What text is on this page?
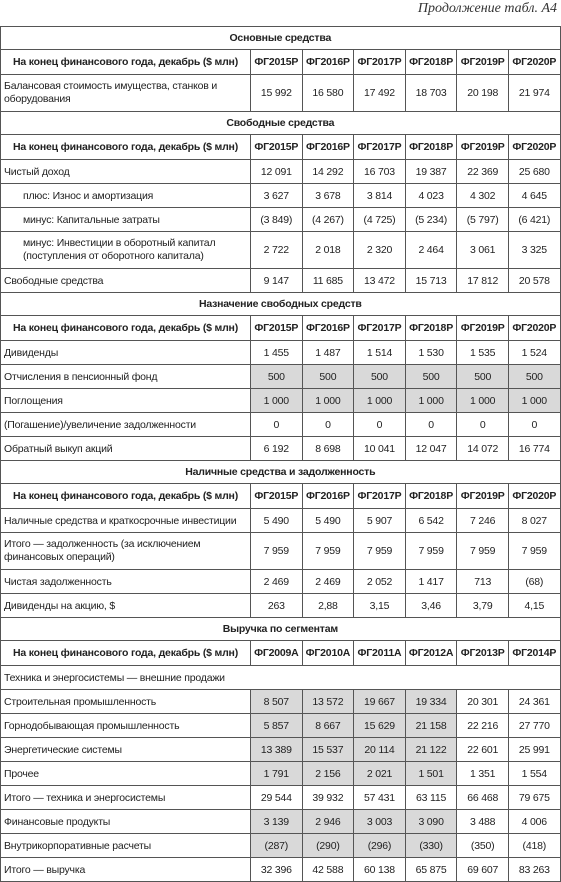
Продолжение табл. A4
Основные средства						
На конец финансового года, декабрь ($ млн)	ФГ2015P	ФГ2016P	ФГ2017P	ФГ2018P	ФГ2019P	ФГ2020P
Балансовая стоимость имущества, станков и оборудования	15 992	16 580	17 492	18 703	20 198	21 974
Свободные средства						
На конец финансового года, декабрь ($ млн)	ФГ2015P	ФГ2016P	ФГ2017P	ФГ2018P	ФГ2019P	ФГ2020P
Чистый доход	12 091	14 292	16 703	19 387	22 369	25 680
плюс: Износ и амортизация	3 627	3 678	3 814	4 023	4 302	4 645
минус: Капитальные затраты	(3 849)	(4 267)	(4 725)	(5 234)	(5 797)	(6 421)
минус: Инвестиции в оборотный капитал (поступления от оборотного капитала)	2 722	2 018	2 320	2 464	3 061	3 325
Свободные средства	9 147	11 685	13 472	15 713	17 812	20 578
Назначение свободных средств						
На конец финансового года, декабрь ($ млн)	ФГ2015P	ФГ2016P	ФГ2017P	ФГ2018P	ФГ2019P	ФГ2020P
Дивиденды	1 455	1 487	1 514	1 530	1 535	1 524
Отчисления в пенсионный фонд	500	500	500	500	500	500
Поглощения	1 000	1 000	1 000	1 000	1 000	1 000
(Погашение)/увеличение задолженности	0	0	0	0	0	0
Обратный выкуп акций	6 192	8 698	10 041	12 047	14 072	16 774
Наличные средства и задолженность						
На конец финансового года, декабрь ($ млн)	ФГ2015P	ФГ2016P	ФГ2017P	ФГ2018P	ФГ2019P	ФГ2020P
Наличные средства и краткосрочные инвестиции	5 490	5 490	5 907	6 542	7 246	8 027
Итого — задолженность (за исключением финансовых операций)	7 959	7 959	7 959	7 959	7 959	7 959
Чистая задолженность	2 469	2 469	2 052	1 417	713	(68)
Дивиденды на акцию, $	263	2,88	3,15	3,46	3,79	4,15
Выручка по сегментам						
На конец финансового года, декабрь ($ млн)	ФГ2009A	ФГ2010A	ФГ2011A	ФГ2012A	ФГ2013P	ФГ2014P
Техника и энергосистемы — внешние продажи						
Строительная промышленность	8 507	13 572	19 667	19 334	20 301	24 361
Горнодобывающая промышленность	5 857	8 667	15 629	21 158	22 216	27 770
Энергетические системы	13 389	15 537	20 114	21 122	22 601	25 991
Прочее	1 791	2 156	2 021	1 501	1 351	1 554
Итого — техника и энергосистемы	29 544	39 932	57 431	63 115	66 468	79 675
Финансовые продукты	3 139	2 946	3 003	3 090	3 488	4 006
Внутрикорпоративные расчеты	(287)	(290)	(296)	(330)	(350)	(418)
Итого — выручка	32 396	42 588	60 138	65 875	69 607	83 263
